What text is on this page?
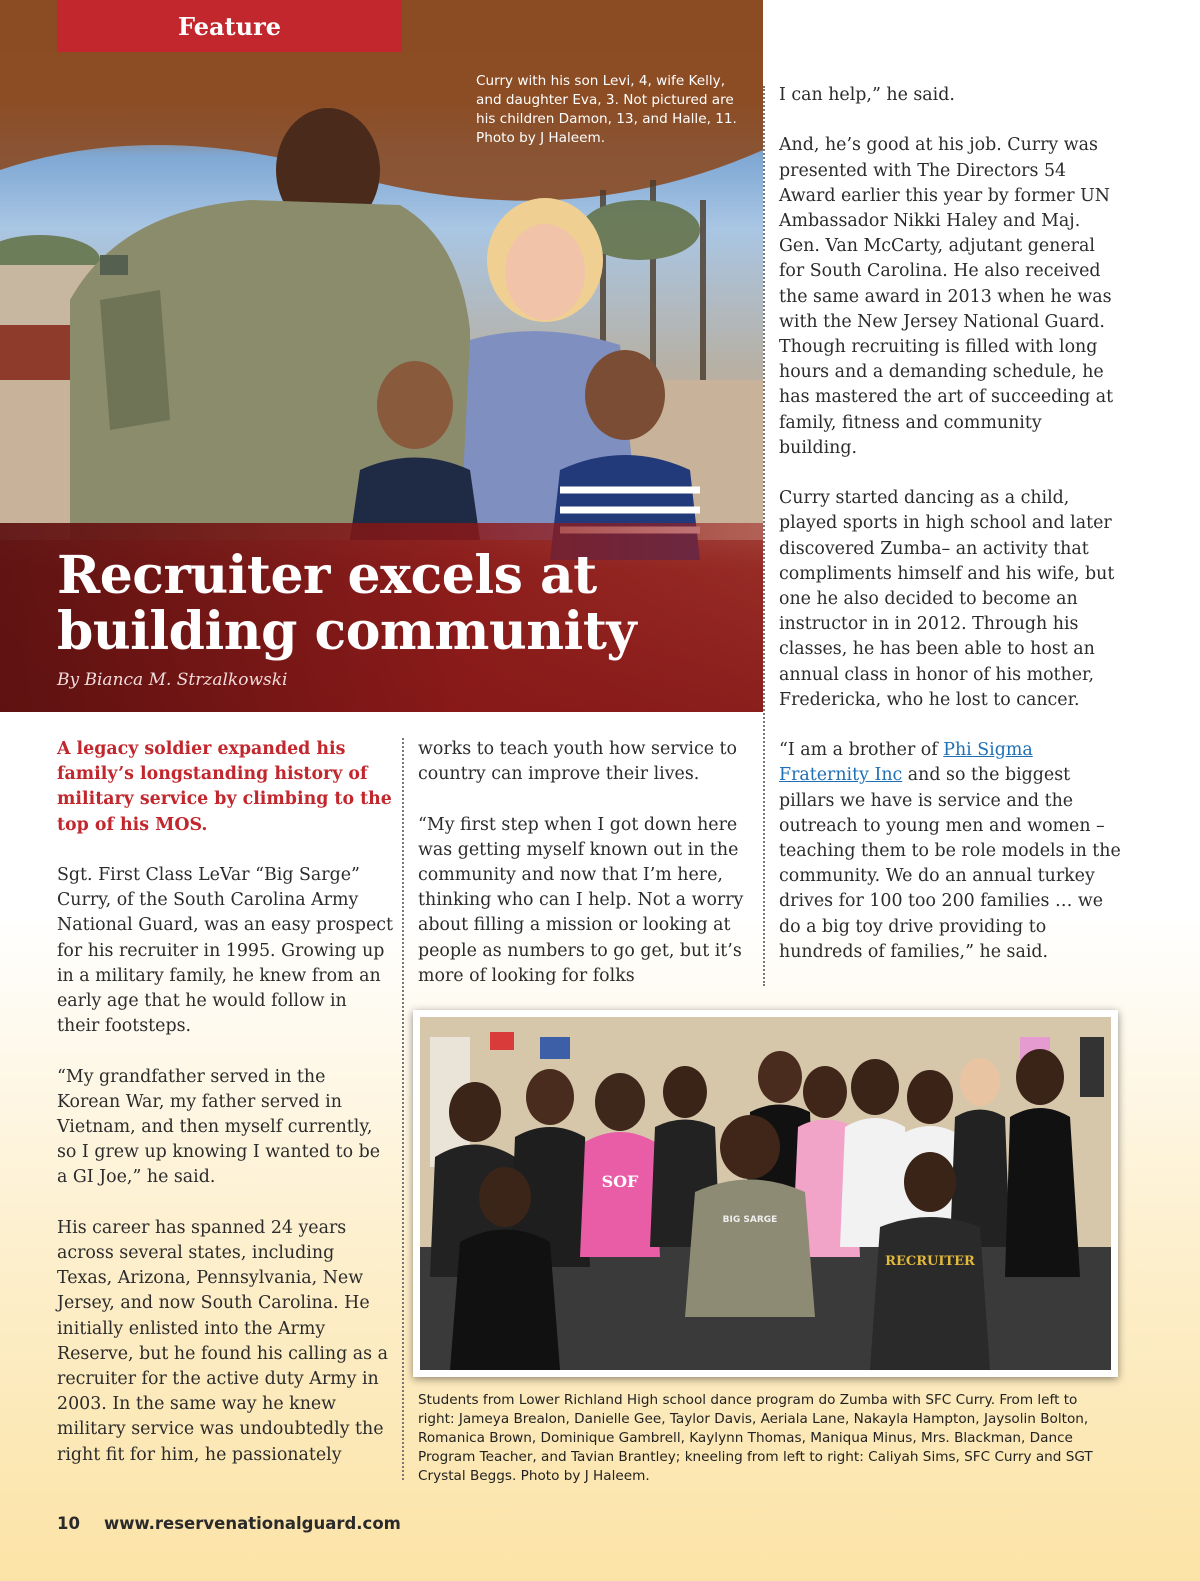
Feature
Curry with his son Levi, 4, wife Kelly, and daughter Eva, 3. Not pictured are his children Damon, 13, and Halle, 11. Photo by J Haleem.
Recruiter excels at building community
By Bianca M. Strzalkowski

A legacy soldier expanded his family’s longstanding history of military service by climbing to the top of his MOS.

Sgt. First Class LeVar “Big Sarge” Curry, of the South Carolina Army National Guard, was an easy prospect for his recruiter in 1995. Growing up in a military family, he knew from an early age that he would follow in their footsteps.

“My grandfather served in the Korean War, my father served in Vietnam, and then myself currently, so I grew up knowing I wanted to be a GI Joe,” he said.

His career has spanned 24 years across several states, including Texas, Arizona, Pennsylvania, New Jersey, and now South Carolina. He initially enlisted into the Army Reserve, but he found his calling as a recruiter for the active duty Army in 2003. In the same way he knew military service was undoubtedly the right fit for him, he passionately

works to teach youth how service to country can improve their lives.

“My first step when I got down here was getting myself known out in the community and now that I’m here, thinking who can I help. Not a worry about filling a mission or looking at people as numbers to go get, but it’s more of looking for folks

I can help,” he said.

And, he’s good at his job. Curry was presented with The Directors 54 Award earlier this year by former UN Ambassador Nikki Haley and Maj. Gen. Van McCarty, adjutant general for South Carolina. He also received the same award in 2013 when he was with the New Jersey National Guard. Though recruiting is filled with long hours and a demanding schedule, he has mastered the art of succeeding at family, fitness and community building.

Curry started dancing as a child, played sports in high school and later discovered Zumba– an activity that compliments himself and his wife, but one he also decided to become an instructor in in 2012. Through his classes, he has been able to host an annual class in honor of his mother, Fredericka, who he lost to cancer.

“I am a brother of Phi Sigma Fraternity Inc and so the biggest pillars we have is service and the outreach to young men and women – teaching them to be role models in the community. We do an annual turkey drives for 100 too 200 families … we do a big toy drive providing to hundreds of families,” he said.

SOF
BIG SARGE
RECRUITER
Students from Lower Richland High school dance program do Zumba with SFC Curry. From left to right: Jameya Brealon, Danielle Gee, Taylor Davis, Aeriala Lane, Nakayla Hampton, Jaysolin Bolton, Romanica Brown, Dominique Gambrell, Kaylynn Thomas, Maniqua Minus, Mrs. Blackman, Dance Program Teacher, and Tavian Brantley; kneeling from left to right: Caliyah Sims, SFC Curry and SGT Crystal Beggs. Photo by J Haleem.
10 www.reservenationalguard.com
